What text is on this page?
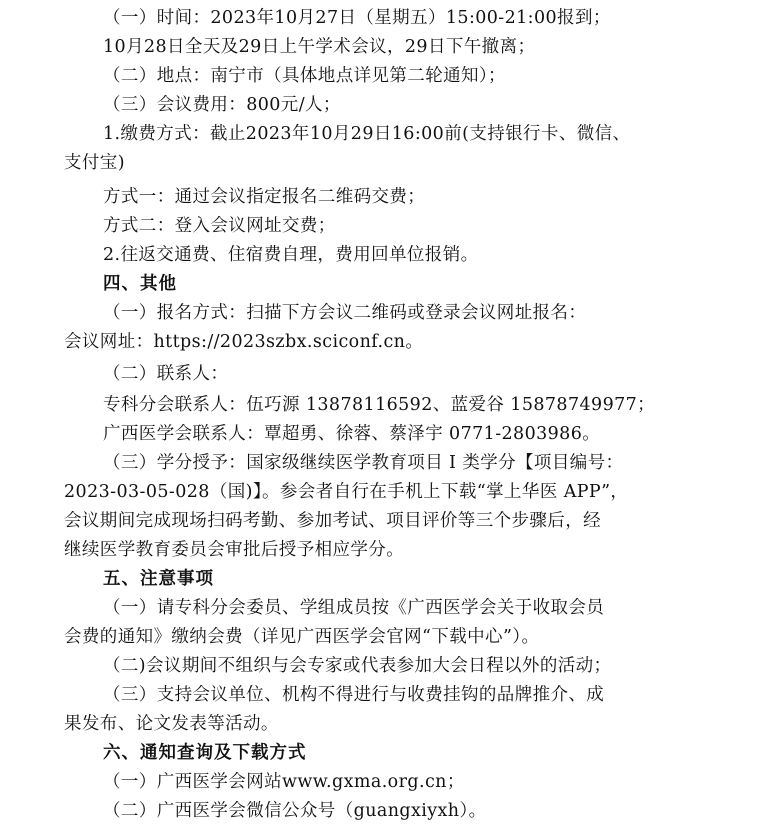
（一）时间：2023年10月27日（星期五）15:00-21:00报到；
10月28日全天及29日上午学术会议，29日下午撤离；
（二）地点：南宁市（具体地点详见第二轮通知）；
（三）会议费用：800元/人；
1.缴费方式：截止2023年10月29日16:00前(支持银行卡、微信、
支付宝)
方式一：通过会议指定报名二维码交费；
方式二：登入会议网址交费；
2.往返交通费、住宿费自理，费用回单位报销。
四、其他
（一）报名方式：扫描下方会议二维码或登录会议网址报名：
会议网址：https://2023szbx.sciconf.cn。
（二）联系人：
专科分会联系人：伍巧源 13878116592、蓝爱谷 15878749977；
广西医学会联系人：覃超勇、徐蓉、蔡泽宇 0771-2803986。
（三）学分授予：国家级继续医学教育项目 I 类学分【项目编号：
2023-03-05-028（国)】。参会者自行在手机上下载“掌上华医 APP”，
会议期间完成现场扫码考勤、参加考试、项目评价等三个步骤后，经
继续医学教育委员会审批后授予相应学分。
五、注意事项
（一）请专科分会委员、学组成员按《广西医学会关于收取会员
会费的通知》缴纳会费（详见广西医学会官网“下载中心”）。
（二)会议期间不组织与会专家或代表参加大会日程以外的活动；
（三）支持会议单位、机构不得进行与收费挂钩的品牌推介、成
果发布、论文发表等活动。
六、通知查询及下载方式
（一）广西医学会网站www.gxma.org.cn；
（二）广西医学会微信公众号（guangxiyxh）。
